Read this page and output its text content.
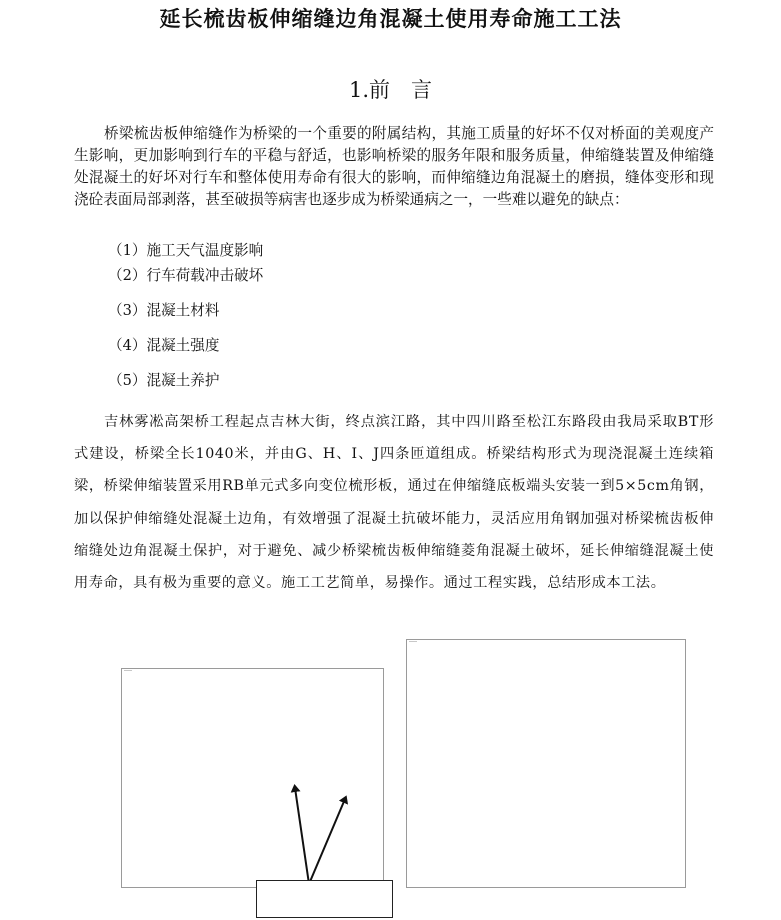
延长梳齿板伸缩缝边角混凝土使用寿命施工工法
1.前　言

桥梁梳齿板伸缩缝作为桥梁的一个重要的附属结构，其施工质量的好坏不仅对桥面的美观度产生影响，更加影响到行车的平稳与舒适，也影响桥梁的服务年限和服务质量，伸缩缝装置及伸缩缝处混凝土的好坏对行车和整体使用寿命有很大的影响，而伸缩缝边角混凝土的磨损，缝体变形和现浇砼表面局部剥落，甚至破损等病害也逐步成为桥梁通病之一，一些难以避免的缺点：

（1）施工天气温度影响
（2）行车荷载冲击破坏
（3）混凝土材料
（4）混凝土强度
（5）混凝土养护

吉林雾凇高架桥工程起点吉林大街，终点滨江路，其中四川路至松江东路段由我局采取BT形式建设，桥梁全长1040米，并由G、H、I、J四条匝道组成。桥梁结构形式为现浇混凝土连续箱梁，桥梁伸缩装置采用RB单元式多向变位梳形板，通过在伸缩缝底板端头安装一到5×5cm角钢，加以保护伸缩缝处混凝土边角，有效增强了混凝土抗破坏能力，灵活应用角钢加强对桥梁梳齿板伸缩缝处边角混凝土保护，对于避免、减少桥梁梳齿板伸缩缝菱角混凝土破坏，延长伸缩缝混凝土使用寿命，具有极为重要的意义。施工工艺简单，易操作。通过工程实践，总结形成本工法。
